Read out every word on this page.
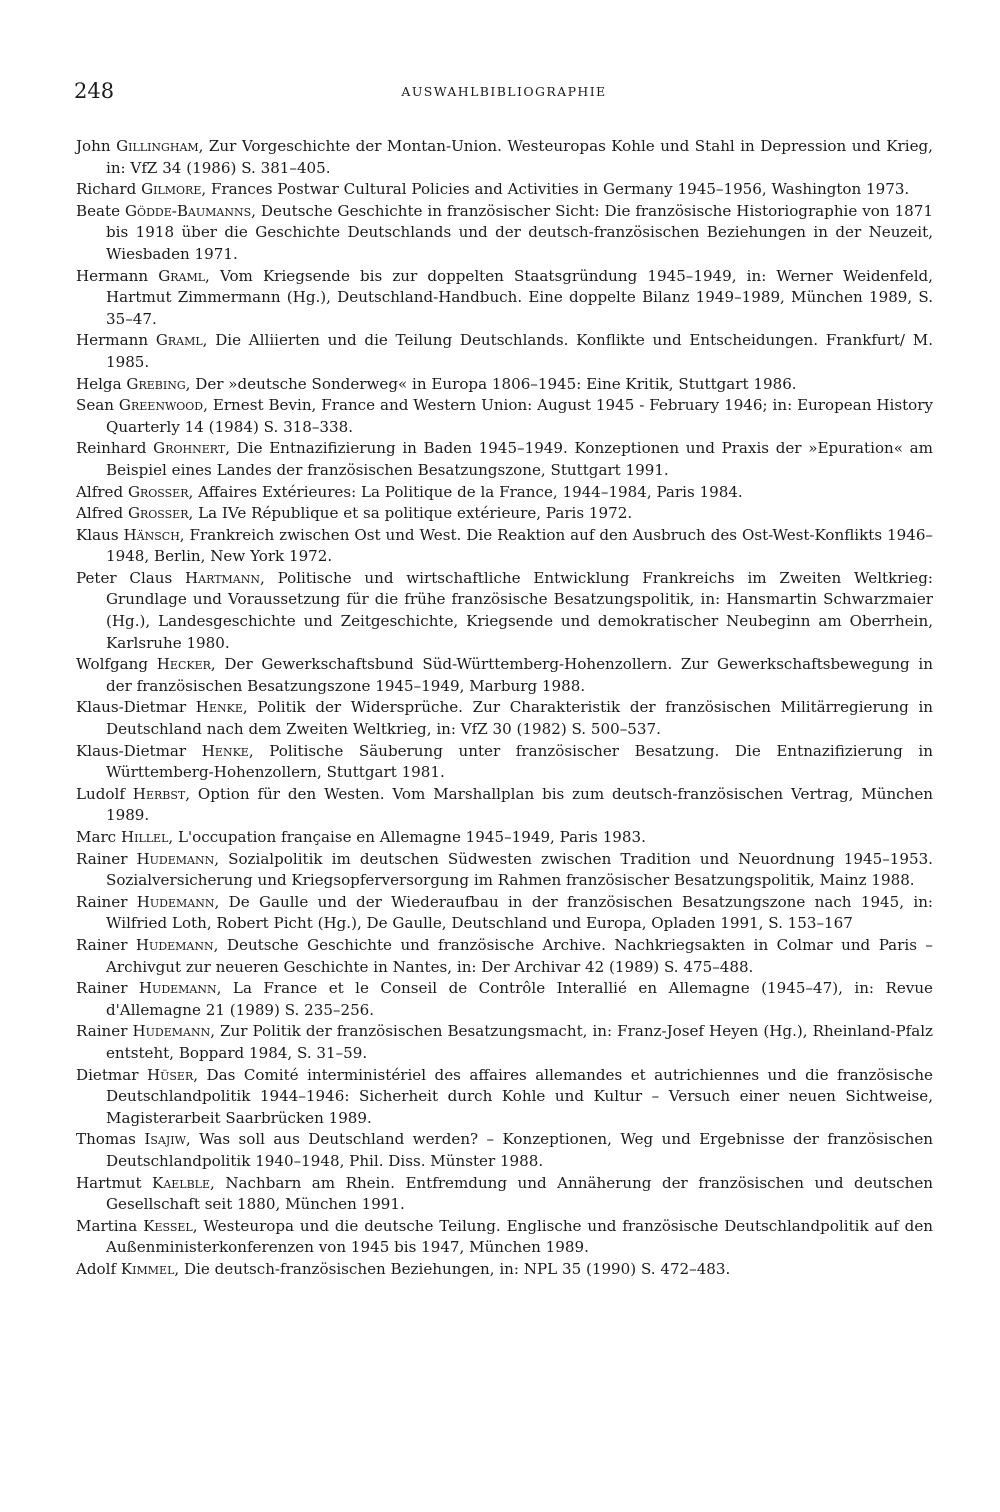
248	AUSWAHLBIBLIOGRAPHIE

John Gillingham, Zur Vorgeschichte der Montan-Union. Westeuropas Kohle und Stahl in Depression und Krieg, in: VfZ 34 (1986) S. 381–405.

Richard Gilmore, Frances Postwar Cultural Policies and Activities in Germany 1945–1956, Washington 1973.

Beate Gödde-Baumanns, Deutsche Geschichte in französischer Sicht: Die französische Historiographie von 1871 bis 1918 über die Geschichte Deutschlands und der deutsch-französischen Beziehungen in der Neuzeit, Wiesbaden 1971.

Hermann Graml, Vom Kriegsende bis zur doppelten Staatsgründung 1945–1949, in: Werner Weidenfeld, Hartmut Zimmermann (Hg.), Deutschland-Handbuch. Eine doppelte Bilanz 1949–1989, München 1989, S. 35–47.

Hermann Graml, Die Alliierten und die Teilung Deutschlands. Konflikte und Entscheidungen. Frankfurt/ M. 1985.

Helga Grebing, Der »deutsche Sonderweg« in Europa 1806–1945: Eine Kritik, Stuttgart 1986.

Sean Greenwood, Ernest Bevin, France and Western Union: August 1945 - February 1946; in: European History Quarterly 14 (1984) S. 318–338.

Reinhard Grohnert, Die Entnazifizierung in Baden 1945–1949. Konzeptionen und Praxis der »Epuration« am Beispiel eines Landes der französischen Besatzungszone, Stuttgart 1991.

Alfred Grosser, Affaires Extérieures: La Politique de la France, 1944–1984, Paris 1984.

Alfred Grosser, La IVe République et sa politique extérieure, Paris 1972.

Klaus Hänsch, Frankreich zwischen Ost und West. Die Reaktion auf den Ausbruch des Ost-West-Konflikts 1946–1948, Berlin, New York 1972.

Peter Claus Hartmann, Politische und wirtschaftliche Entwicklung Frankreichs im Zweiten Weltkrieg: Grundlage und Voraussetzung für die frühe französische Besatzungspolitik, in: Hansmartin Schwarzmaier (Hg.), Landesgeschichte und Zeitgeschichte, Kriegsende und demokratischer Neubeginn am Oberrhein, Karlsruhe 1980.

Wolfgang Hecker, Der Gewerkschaftsbund Süd-Württemberg-Hohenzollern. Zur Gewerkschaftsbewegung in der französischen Besatzungszone 1945–1949, Marburg 1988.

Klaus-Dietmar Henke, Politik der Widersprüche. Zur Charakteristik der französischen Militärregierung in Deutschland nach dem Zweiten Weltkrieg, in: VfZ 30 (1982) S. 500–537.

Klaus-Dietmar Henke, Politische Säuberung unter französischer Besatzung. Die Entnazifizierung in Württemberg-Hohenzollern, Stuttgart 1981.

Ludolf Herbst, Option für den Westen. Vom Marshallplan bis zum deutsch-französischen Vertrag, München 1989.

Marc Hillel, L'occupation française en Allemagne 1945–1949, Paris 1983.

Rainer Hudemann, Sozialpolitik im deutschen Südwesten zwischen Tradition und Neuordnung 1945–1953. Sozialversicherung und Kriegsopferversorgung im Rahmen französischer Besatzungspolitik, Mainz 1988.

Rainer Hudemann, De Gaulle und der Wiederaufbau in der französischen Besatzungszone nach 1945, in: Wilfried Loth, Robert Picht (Hg.), De Gaulle, Deutschland und Europa, Opladen 1991, S. 153–167

Rainer Hudemann, Deutsche Geschichte und französische Archive. Nachkriegsakten in Colmar und Paris – Archivgut zur neueren Geschichte in Nantes, in: Der Archivar 42 (1989) S. 475–488.

Rainer Hudemann, La France et le Conseil de Contrôle Interallié en Allemagne (1945–47), in: Revue d'Allemagne 21 (1989) S. 235–256.

Rainer Hudemann, Zur Politik der französischen Besatzungsmacht, in: Franz-Josef Heyen (Hg.), Rheinland-Pfalz entsteht, Boppard 1984, S. 31–59.

Dietmar Hüser, Das Comité interministériel des affaires allemandes et autrichiennes und die französische Deutschlandpolitik 1944–1946: Sicherheit durch Kohle und Kultur – Versuch einer neuen Sichtweise, Magisterarbeit Saarbrücken 1989.

Thomas Isajiw, Was soll aus Deutschland werden? – Konzeptionen, Weg und Ergebnisse der französischen Deutschlandpolitik 1940–1948, Phil. Diss. Münster 1988.

Hartmut Kaelble, Nachbarn am Rhein. Entfremdung und Annäherung der französischen und deutschen Gesellschaft seit 1880, München 1991.

Martina Kessel, Westeuropa und die deutsche Teilung. Englische und französische Deutschlandpolitik auf den Außenministerkonferenzen von 1945 bis 1947, München 1989.

Adolf Kimmel, Die deutsch-französischen Beziehungen, in: NPL 35 (1990) S. 472–483.
